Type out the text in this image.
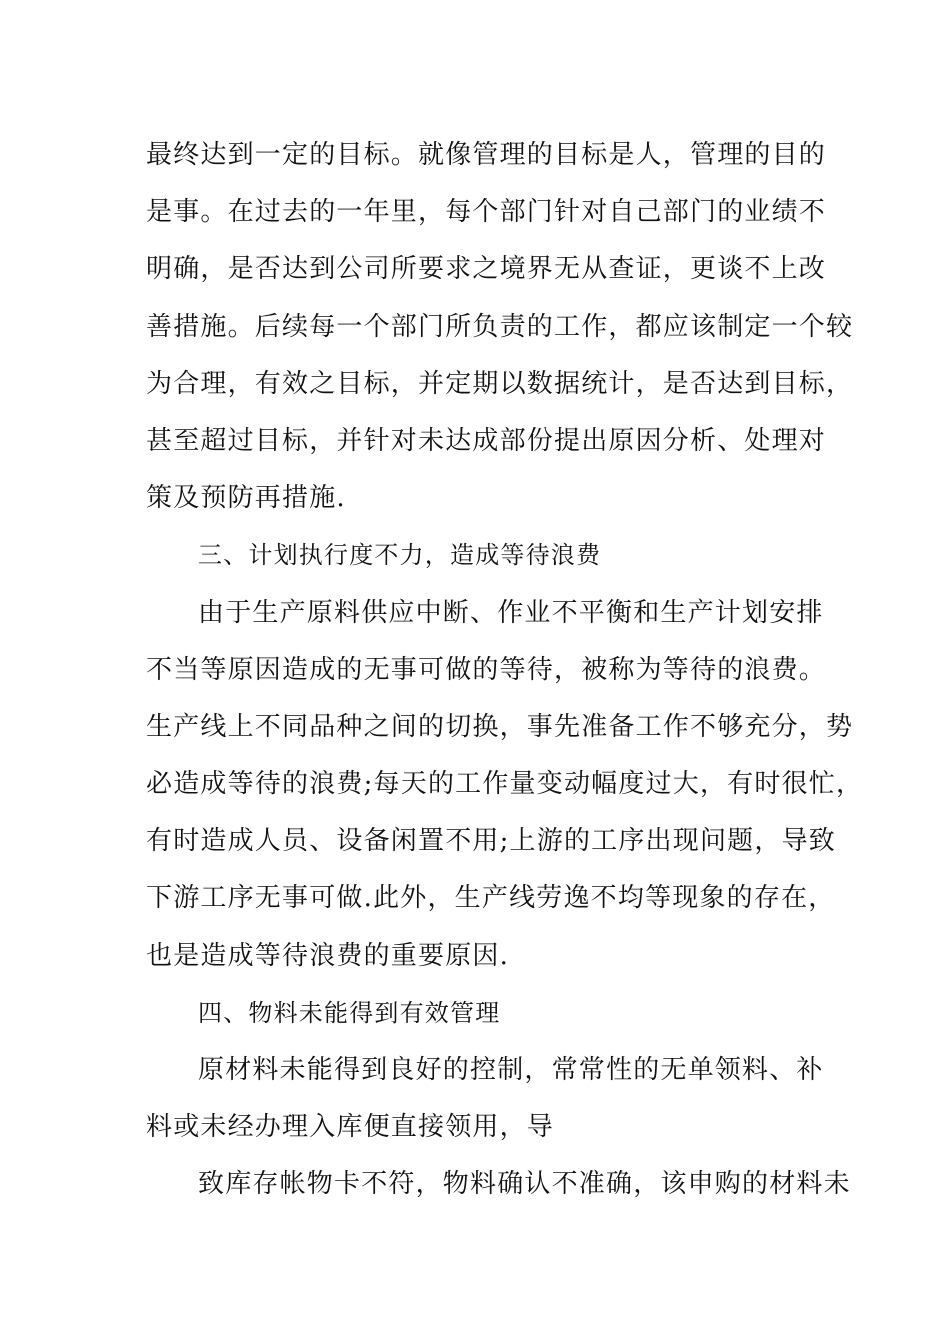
最终达到一定的目标。就像管理的目标是人，管理的目的
是事。在过去的一年里，每个部门针对自己部门的业绩不
明确，是否达到公司所要求之境界无从查证，更谈不上改
善措施。后续每一个部门所负责的工作，都应该制定一个较
为合理，有效之目标，并定期以数据统计，是否达到目标，
甚至超过目标，并针对未达成部份提出原因分析、处理对
策及预防再措施.
三、计划执行度不力，造成等待浪费
由于生产原料供应中断、作业不平衡和生产计划安排
不当等原因造成的无事可做的等待，被称为等待的浪费。
生产线上不同品种之间的切换，事先准备工作不够充分，势
必造成等待的浪费;每天的工作量变动幅度过大，有时很忙，
有时造成人员、设备闲置不用;上游的工序出现问题，导致
下游工序无事可做.此外，生产线劳逸不均等现象的存在，
也是造成等待浪费的重要原因.
四、物料未能得到有效管理
原材料未能得到良好的控制，常常性的无单领料、补
料或未经办理入库便直接领用，导
致库存帐物卡不符，物料确认不准确，该申购的材料未
